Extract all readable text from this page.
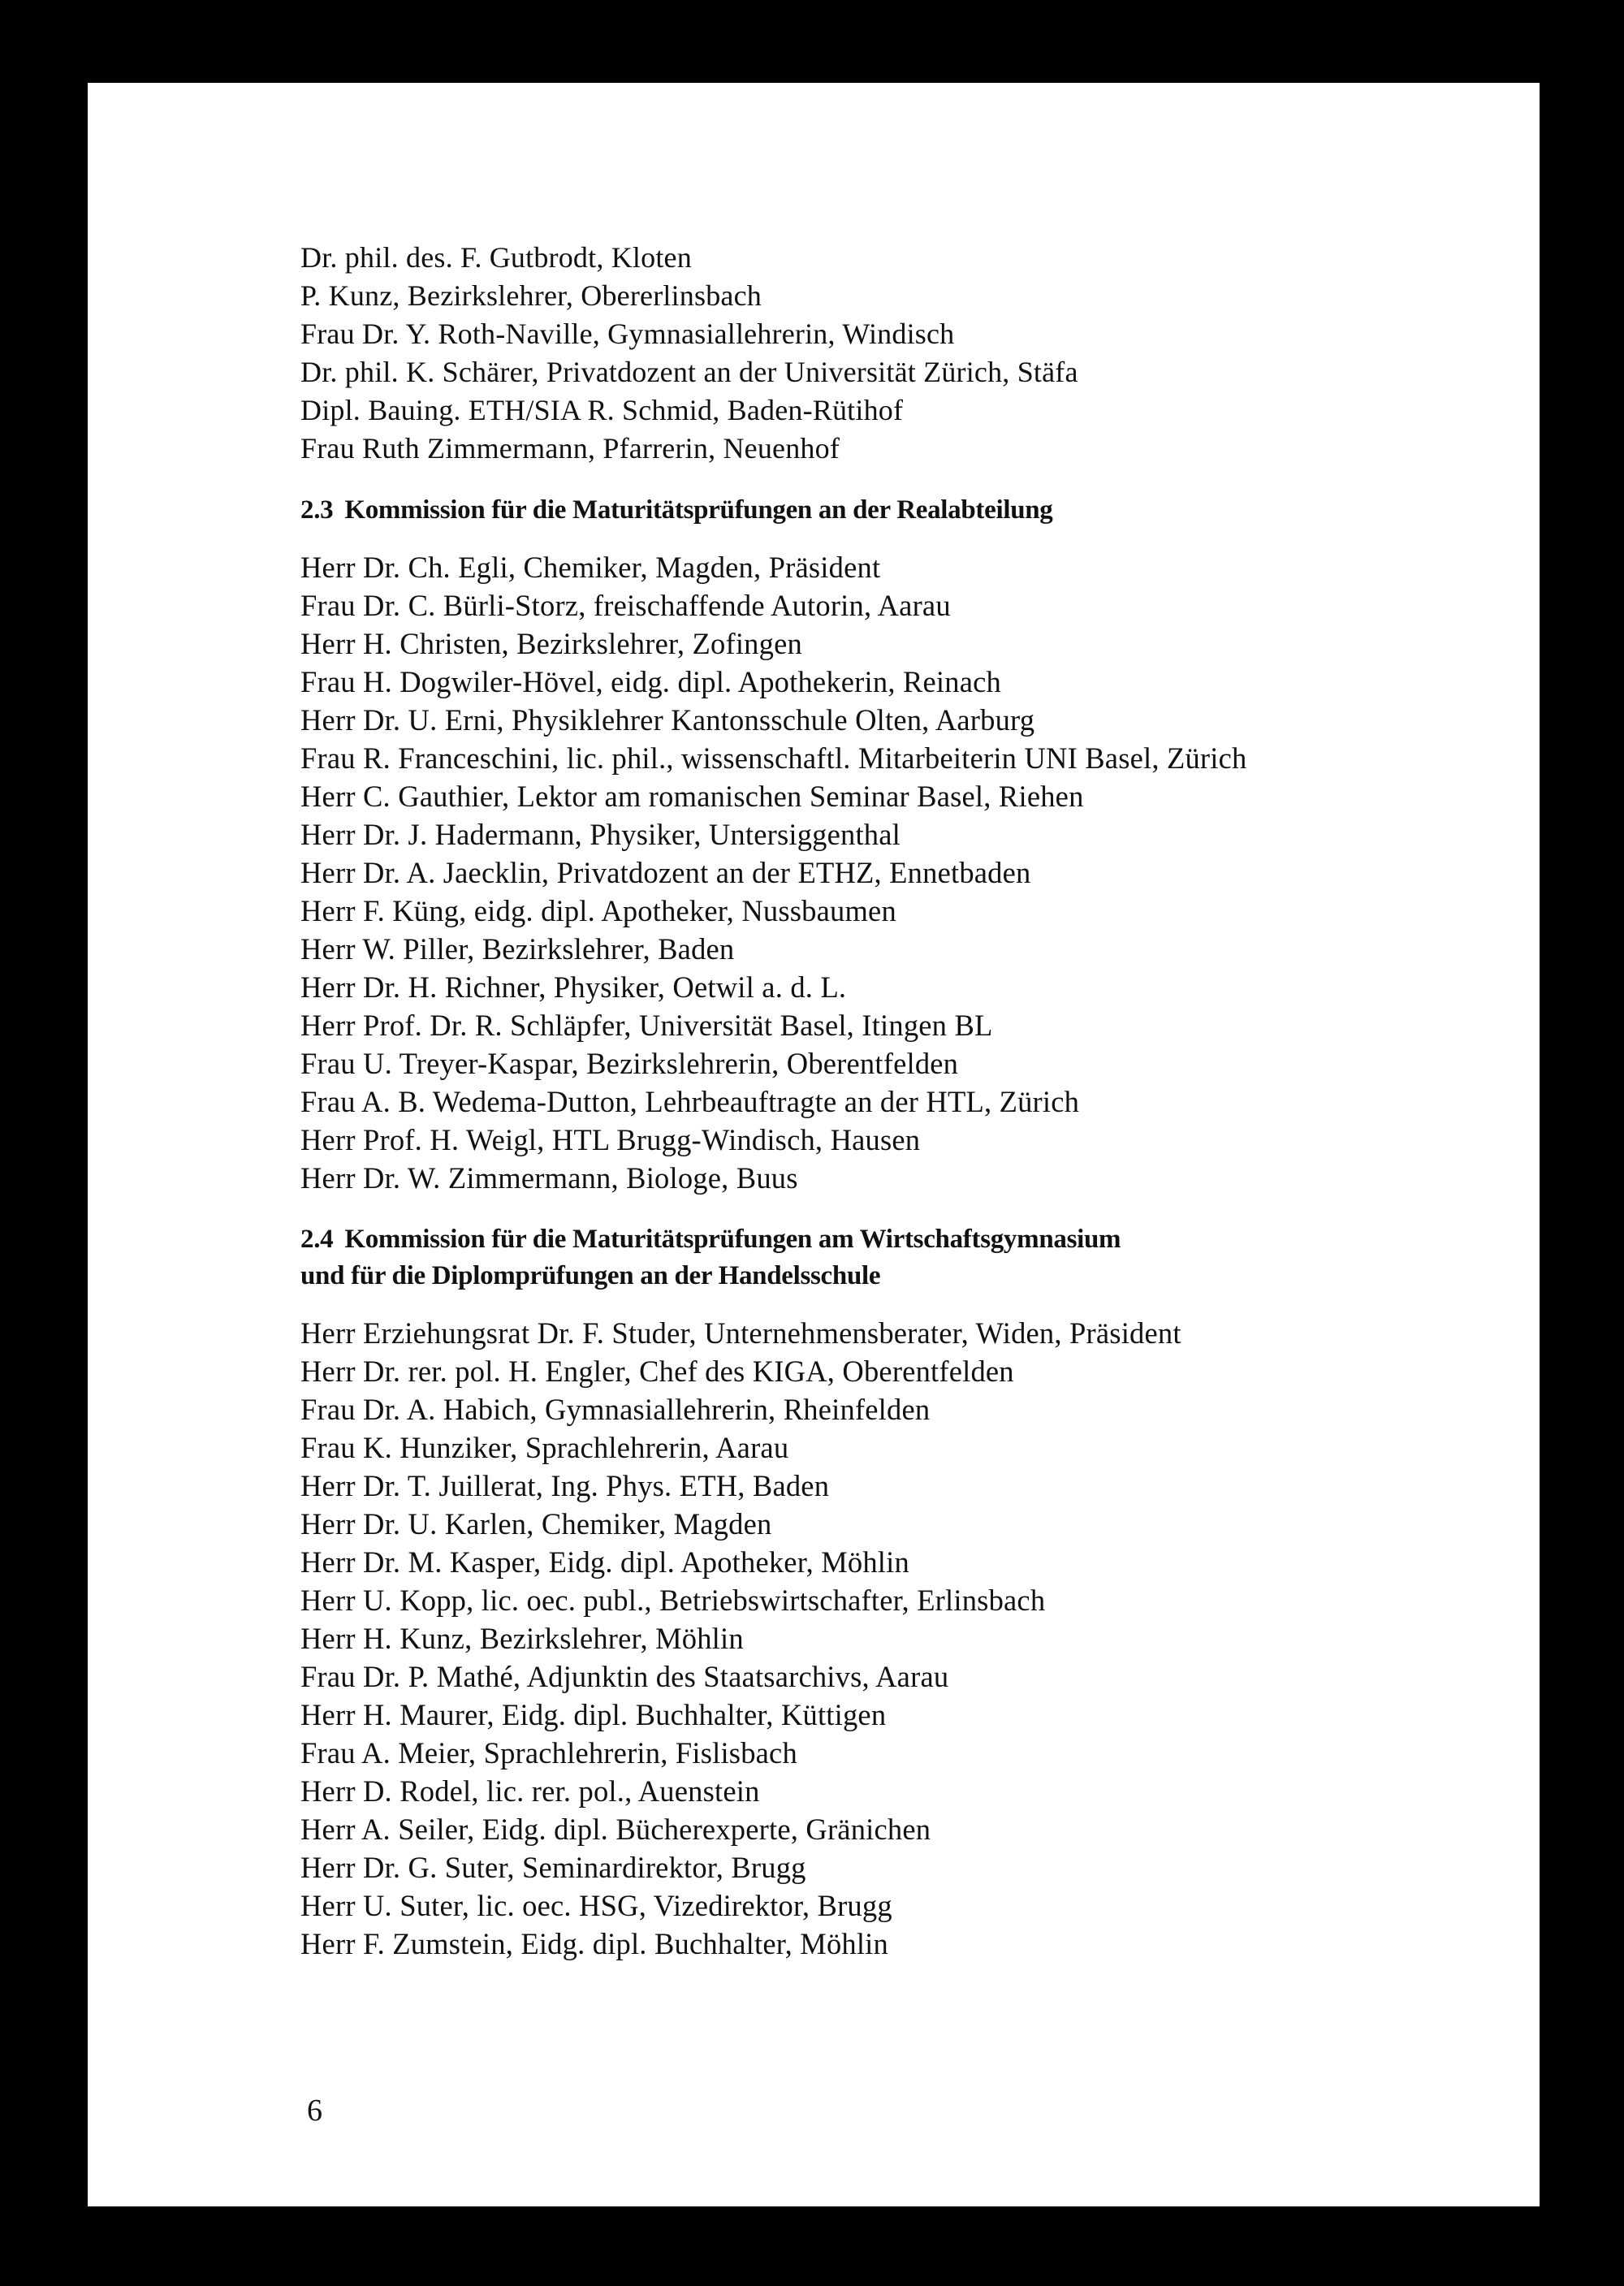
Dr. phil. des. F. Gutbrodt, Kloten
P. Kunz, Bezirkslehrer, Obererlinsbach
Frau Dr. Y. Roth-Naville, Gymnasiallehrerin, Windisch
Dr. phil. K. Schärer, Privatdozent an der Universität Zürich, Stäfa
Dipl. Bauing. ETH/SIA R. Schmid, Baden-Rütihof
Frau Ruth Zimmermann, Pfarrerin, Neuenhof
2.3 Kommission für die Maturitätsprüfungen an der Realabteilung
Herr Dr. Ch. Egli, Chemiker, Magden, Präsident
Frau Dr. C. Bürli-Storz, freischaffende Autorin, Aarau
Herr H. Christen, Bezirkslehrer, Zofingen
Frau H. Dogwiler-Hövel, eidg. dipl. Apothekerin, Reinach
Herr Dr. U. Erni, Physiklehrer Kantonsschule Olten, Aarburg
Frau R. Franceschini, lic. phil., wissenschaftl. Mitarbeiterin UNI Basel, Zürich
Herr C. Gauthier, Lektor am romanischen Seminar Basel, Riehen
Herr Dr. J. Hadermann, Physiker, Untersiggenthal
Herr Dr. A. Jaecklin, Privatdozent an der ETHZ, Ennetbaden
Herr F. Küng, eidg. dipl. Apotheker, Nussbaumen
Herr W. Piller, Bezirkslehrer, Baden
Herr Dr. H. Richner, Physiker, Oetwil a. d. L.
Herr Prof. Dr. R. Schläpfer, Universität Basel, Itingen BL
Frau U. Treyer-Kaspar, Bezirkslehrerin, Oberentfelden
Frau A. B. Wedema-Dutton, Lehrbeauftragte an der HTL, Zürich
Herr Prof. H. Weigl, HTL Brugg-Windisch, Hausen
Herr Dr. W. Zimmermann, Biologe, Buus
2.4 Kommission für die Maturitätsprüfungen am Wirtschaftsgymnasium
und für die Diplomprüfungen an der Handelsschule
Herr Erziehungsrat Dr. F. Studer, Unternehmensberater, Widen, Präsident
Herr Dr. rer. pol. H. Engler, Chef des KIGA, Oberentfelden
Frau Dr. A. Habich, Gymnasiallehrerin, Rheinfelden
Frau K. Hunziker, Sprachlehrerin, Aarau
Herr Dr. T. Juillerat, Ing. Phys. ETH, Baden
Herr Dr. U. Karlen, Chemiker, Magden
Herr Dr. M. Kasper, Eidg. dipl. Apotheker, Möhlin
Herr U. Kopp, lic. oec. publ., Betriebswirtschafter, Erlinsbach
Herr H. Kunz, Bezirkslehrer, Möhlin
Frau Dr. P. Mathé, Adjunktin des Staatsarchivs, Aarau
Herr H. Maurer, Eidg. dipl. Buchhalter, Küttigen
Frau A. Meier, Sprachlehrerin, Fislisbach
Herr D. Rodel, lic. rer. pol., Auenstein
Herr A. Seiler, Eidg. dipl. Bücherexperte, Gränichen
Herr Dr. G. Suter, Seminardirektor, Brugg
Herr U. Suter, lic. oec. HSG, Vizedirektor, Brugg
Herr F. Zumstein, Eidg. dipl. Buchhalter, Möhlin
6
